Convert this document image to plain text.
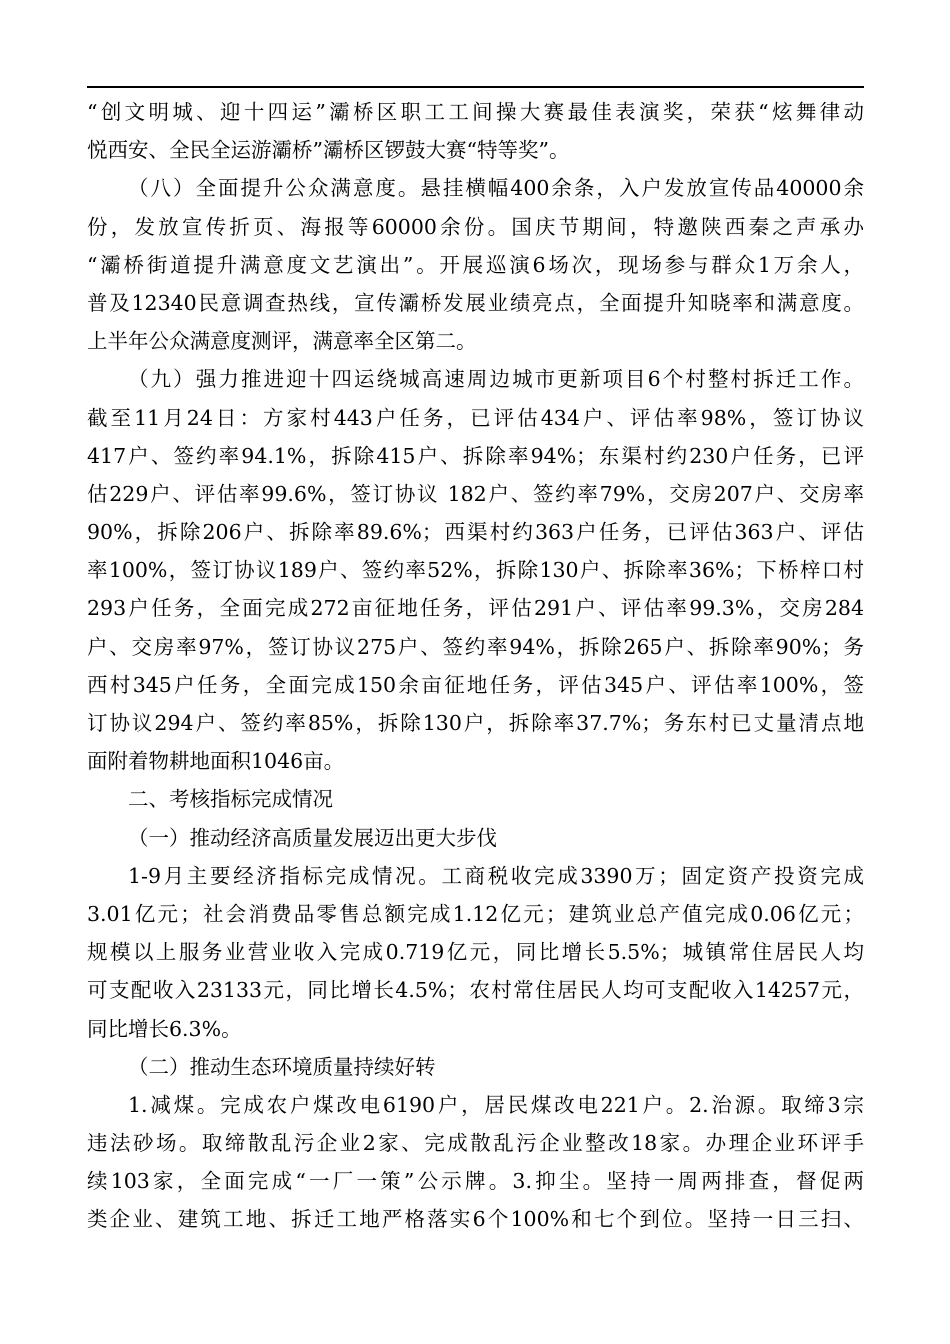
“创文明城、迎十四运”灞桥区职工工间操大赛最佳表演奖，荣获“炫舞律动
悦西安、全民全运游灞桥”灞桥区锣鼓大赛“特等奖”。
（八）全面提升公众满意度。悬挂横幅400余条，入户发放宣传品40000余
份，发放宣传折页、海报等60000余份。国庆节期间，特邀陕西秦之声承办
“灞桥街道提升满意度文艺演出”。开展巡演6场次，现场参与群众1万余人，
普及12340民意调查热线，宣传灞桥发展业绩亮点，全面提升知晓率和满意度。
上半年公众满意度测评，满意率全区第二。
（九）强力推进迎十四运绕城高速周边城市更新项目6个村整村拆迁工作。
截至11月24日：方家村443户任务，已评估434户、评估率98%，签订协议
417户、签约率94.1%，拆除415户、拆除率94%；东渠村约230户任务，已评
估229户、评估率99.6%，签订协议 182户、签约率79%，交房207户、交房率
90%，拆除206户、拆除率89.6%；西渠村约363户任务，已评估363户、评估
率100%，签订协议189户、签约率52%，拆除130户、拆除率36%；下桥梓口村
293户任务，全面完成272亩征地任务，评估291户、评估率99.3%，交房284
户、交房率97%，签订协议275户、签约率94%，拆除265户、拆除率90%；务
西村345户任务，全面完成150余亩征地任务，评估345户、评估率100%，签
订协议294户、签约率85%，拆除130户，拆除率37.7%；务东村已丈量清点地
面附着物耕地面积1046亩。
二、考核指标完成情况
（一）推动经济高质量发展迈出更大步伐
1-9月主要经济指标完成情况。工商税收完成3390万；固定资产投资完成
3.01亿元；社会消费品零售总额完成1.12亿元；建筑业总产值完成0.06亿元；
规模以上服务业营业收入完成0.719亿元，同比增长5.5%；城镇常住居民人均
可支配收入23133元，同比增长4.5%；农村常住居民人均可支配收入14257元，
同比增长6.3%。
（二）推动生态环境质量持续好转
1.减煤。完成农户煤改电6190户，居民煤改电221户。2.治源。取缔3宗
违法砂场。取缔散乱污企业2家、完成散乱污企业整改18家。办理企业环评手
续103家，全面完成“一厂一策”公示牌。3.抑尘。坚持一周两排查，督促两
类企业、建筑工地、拆迁工地严格落实6个100%和七个到位。坚持一日三扫、
